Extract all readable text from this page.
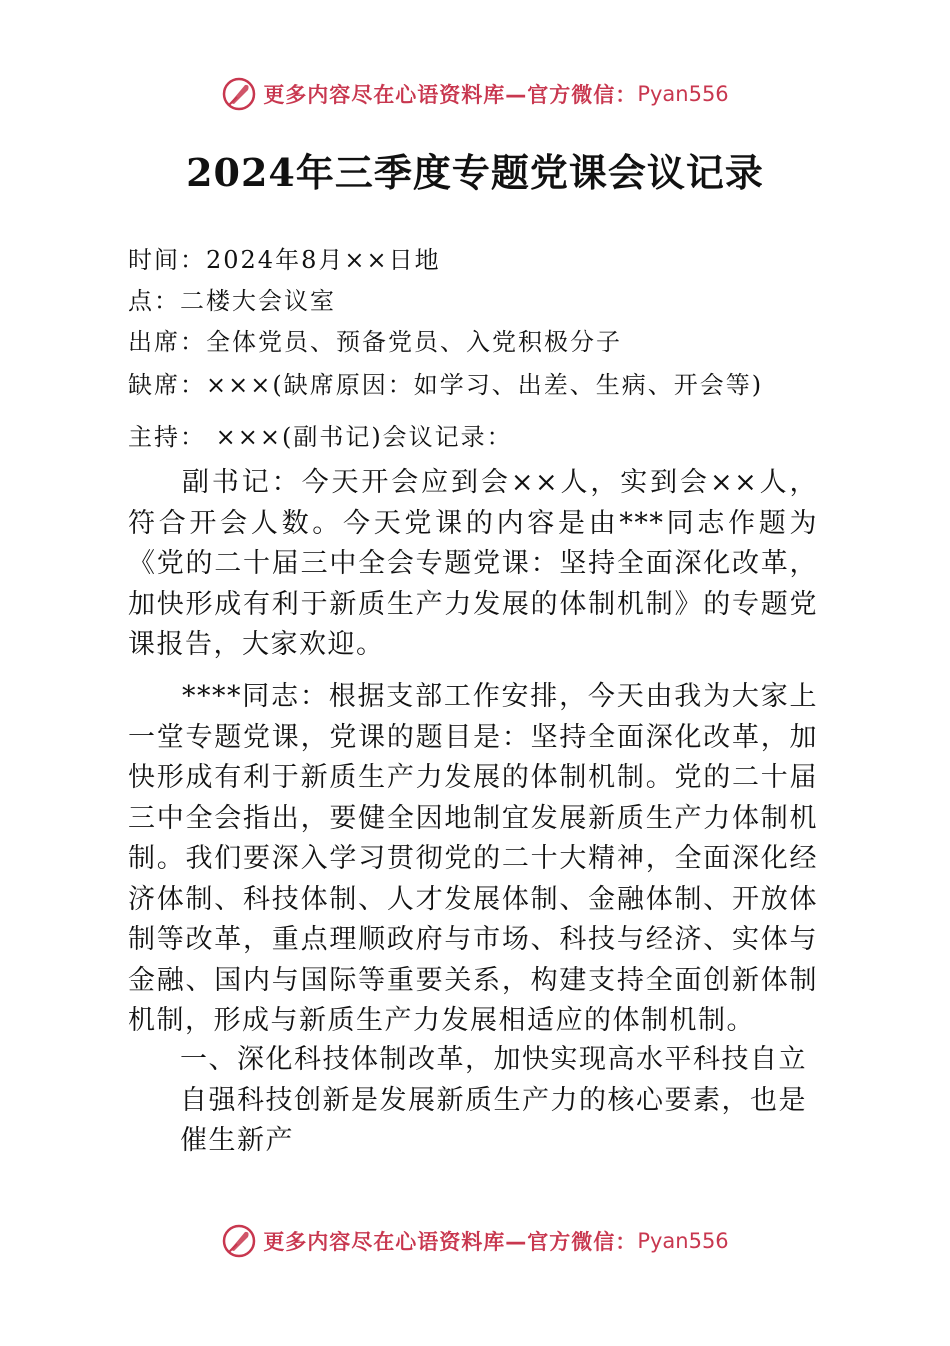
更多内容尽在心语资料库—官方微信： Pyan556
2024年三季度专题党课会议记录
时间：2024年8月××日地
点：二楼大会议室
出席：全体党员、预备党员、入党积极分子
缺席：×××(缺席原因：如学习、出差、生病、开会等)
主持： ×××(副书记)会议记录：

副书记：今天开会应到会××人，实到会××人，符合开会人数。今天党课的内容是由***同志作题为《党的二十届三中全会专题党课：坚持全面深化改革，加快形成有利于新质生产力发展的体制机制》的专题党课报告，大家欢迎。

****同志：根据支部工作安排，今天由我为大家上一堂专题党课，党课的题目是：坚持全面深化改革，加快形成有利于新质生产力发展的体制机制。党的二十届三中全会指出，要健全因地制宜发展新质生产力体制机制。我们要深入学习贯彻党的二十大精神，全面深化经济体制、科技体制、人才发展体制、金融体制、开放体制等改革，重点理顺政府与市场、科技与经济、实体与金融、国内与国际等重要关系，构建支持全面创新体制机制，形成与新质生产力发展相适应的体制机制。

一、深化科技体制改革，加快实现高水平科技自立自强科技创新是发展新质生产力的核心要素，也是催生新产

更多内容尽在心语资料库—官方微信： Pyan556
